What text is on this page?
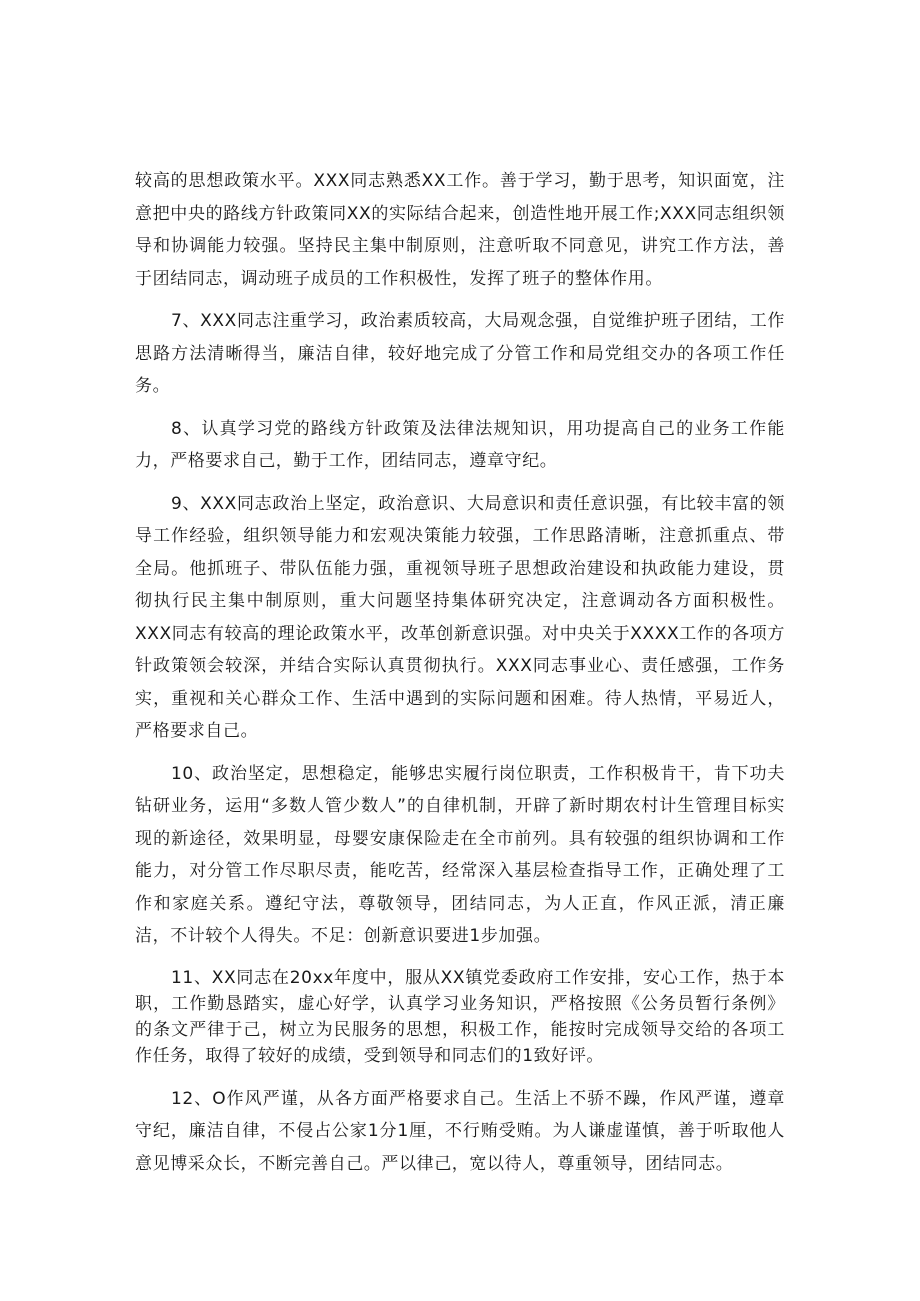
较高的思想政策水平。XXX同志熟悉XX工作。善于学习，勤于思考，知识面宽，注意把中央的路线方针政策同XX的实际结合起来，创造性地开展工作;XXX同志组织领导和协调能力较强。坚持民主集中制原则，注意听取不同意见，讲究工作方法，善于团结同志，调动班子成员的工作积极性，发挥了班子的整体作用。

7、XXX同志注重学习，政治素质较高，大局观念强，自觉维护班子团结，工作思路方法清晰得当，廉洁自律，较好地完成了分管工作和局党组交办的各项工作任务。

8、认真学习党的路线方针政策及法律法规知识，用功提高自己的业务工作能力，严格要求自己，勤于工作，团结同志，遵章守纪。

9、XXX同志政治上坚定，政治意识、大局意识和责任意识强，有比较丰富的领导工作经验，组织领导能力和宏观决策能力较强，工作思路清晰，注意抓重点、带全局。他抓班子、带队伍能力强，重视领导班子思想政治建设和执政能力建设，贯彻执行民主集中制原则，重大问题坚持集体研究决定，注意调动各方面积极性。XXX同志有较高的理论政策水平，改革创新意识强。对中央关于XXXX工作的各项方针政策领会较深，并结合实际认真贯彻执行。XXX同志事业心、责任感强，工作务实，重视和关心群众工作、生活中遇到的实际问题和困难。待人热情，平易近人，严格要求自己。

10、政治坚定，思想稳定，能够忠实履行岗位职责，工作积极肯干，肯下功夫钻研业务，运用“多数人管少数人”的自律机制，开辟了新时期农村计生管理目标实现的新途径，效果明显，母婴安康保险走在全市前列。具有较强的组织协调和工作能力，对分管工作尽职尽责，能吃苦，经常深入基层检查指导工作，正确处理了工作和家庭关系。遵纪守法，尊敬领导，团结同志，为人正直，作风正派，清正廉洁，不计较个人得失。不足：创新意识要进1步加强。

11、XX同志在20xx年度中，服从XX镇党委政府工作安排，安心工作，热于本职，工作勤恳踏实，虚心好学，认真学习业务知识，严格按照《公务员暂行条例》的条文严律于己，树立为民服务的思想，积极工作，能按时完成领导交给的各项工作任务，取得了较好的成绩，受到领导和同志们的1致好评。

12、O作风严谨，从各方面严格要求自己。生活上不骄不躁，作风严谨，遵章守纪，廉洁自律，不侵占公家1分1厘，不行贿受贿。为人谦虚谨慎，善于听取他人意见博采众长，不断完善自己。严以律己，宽以待人，尊重领导，团结同志。
